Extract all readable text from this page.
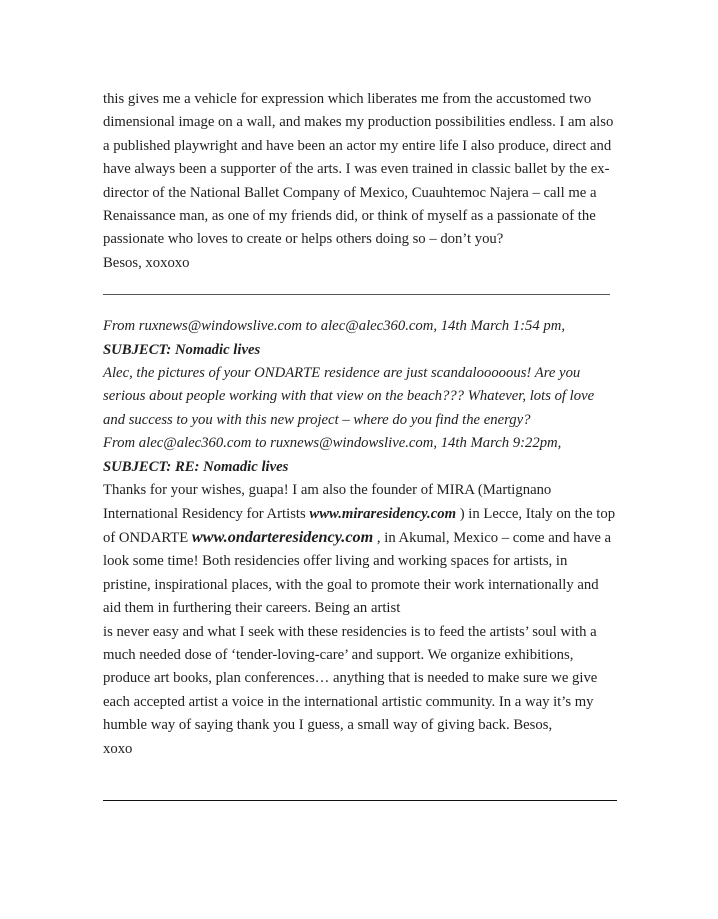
this gives me a vehicle for expression which liberates me from the accustomed two dimensional image on a wall, and makes my production possibilities endless. I am also a published playwright and have been an actor my entire life I also produce, direct and have always been a supporter of the arts. I was even trained in classic ballet by the ex-director of the National Ballet Company of Mexico, Cuauhtemoc Najera – call me a Renaissance man, as one of my friends did, or think of myself as a passionate of the passionate who loves to create or helps others doing so – don’t you?

Besos, xoxoxo

From ruxnews@windowslive.com to alec@alec360.com, 14th March 1:54 pm,

SUBJECT: Nomadic lives

Alec, the pictures of your ONDARTE residence are just scandalooooous! Are you serious about people working with that view on the beach??? Whatever, lots of love and success to you with this new project – where do you find the energy?

From alec@alec360.com to ruxnews@windowslive.com, 14th March 9:22pm,

SUBJECT: RE: Nomadic lives

Thanks for your wishes, guapa! I am also the founder of MIRA (Martignano International Residency for Artists www.miraresidency.com ) in Lecce, Italy on the top of ONDARTE www.ondarteresidency.com , in Akumal, Mexico – come and have a look some time! Both residencies offer living and working spaces for artists, in pristine, inspirational places, with the goal to promote their work internationally and aid them in furthering their careers. Being an artist

is never easy and what I seek with these residencies is to feed the artists’ soul with a much needed dose of ‘tender-loving-care’ and support. We organize exhibitions, produce art books, plan conferences… anything that is needed to make sure we give each accepted artist a voice in the international artistic community. In a way it’s my humble way of saying thank you I guess, a small way of giving back. Besos,

xoxo
